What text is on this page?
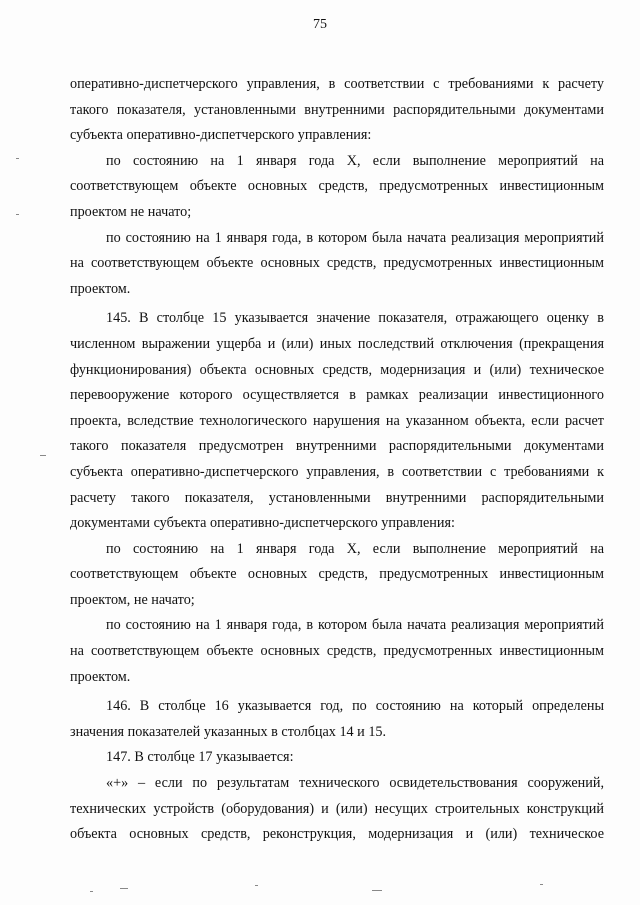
75

оперативно-диспетчерского управления, в соответствии с требованиями к расчету такого показателя, установленными внутренними распорядительными документами субъекта оперативно-диспетчерского управления:

по состоянию на 1 января года Х, если выполнение мероприятий на соответствующем объекте основных средств, предусмотренных инвестиционным проектом не начато;

по состоянию на 1 января года, в котором была начата реализация мероприятий на соответствующем объекте основных средств, предусмотренных инвестиционным проектом.

145. В столбце 15 указывается значение показателя, отражающего оценку в численном выражении ущерба и (или) иных последствий отключения (прекращения функционирования) объекта основных средств, модернизация и (или) техническое перевооружение которого осуществляется в рамках реализации инвестиционного проекта, вследствие технологического нарушения на указанном объекта, если расчет такого показателя предусмотрен внутренними распорядительными документами субъекта оперативно-диспетчерского управления, в соответствии с требованиями к расчету такого показателя, установленными внутренними распорядительными документами субъекта оперативно-диспетчерского управления:

по состоянию на 1 января года Х, если выполнение мероприятий на соответствующем объекте основных средств, предусмотренных инвестиционным проектом, не начато;

по состоянию на 1 января года, в котором была начата реализация мероприятий на соответствующем объекте основных средств, предусмотренных инвестиционным проектом.

146. В столбце 16 указывается год, по состоянию на который определены значения показателей указанных в столбцах 14 и 15.

147. В столбце 17 указывается:

«+» – если по результатам технического освидетельствования сооружений, технических устройств (оборудования) и (или) несущих строительных конструкций объекта основных средств, реконструкция, модернизация и (или) техническое
